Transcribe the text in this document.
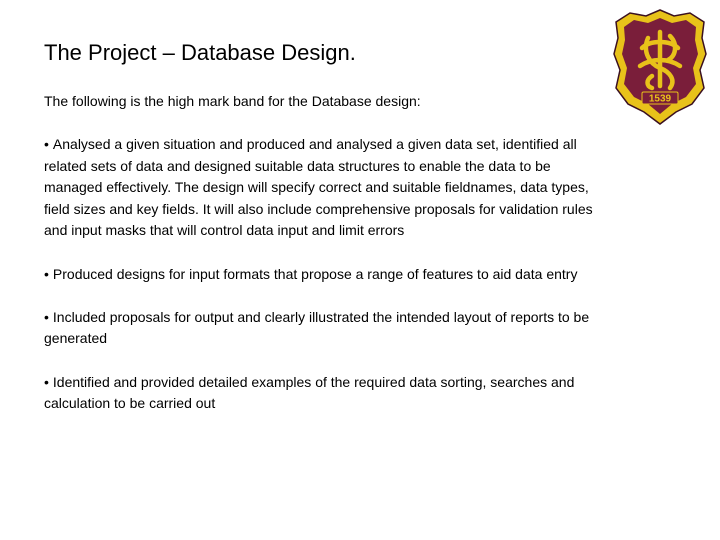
The Project – Database Design.

The following is the high mark band for the Database design:

• Analysed a given situation and produced and analysed a given data set, identified all related sets of data and designed suitable data structures to enable the data to be managed effectively. The design will specify correct and suitable fieldnames, data types, field sizes and key fields. It will also include comprehensive proposals for validation rules and input masks that will control data input and limit errors
• Produced designs for input formats that propose a range of features to aid data entry
• Included proposals for output and clearly illustrated the intended layout of reports to be generated
• Identified and provided detailed examples of the required data sorting, searches and calculation to be carried out
1539
